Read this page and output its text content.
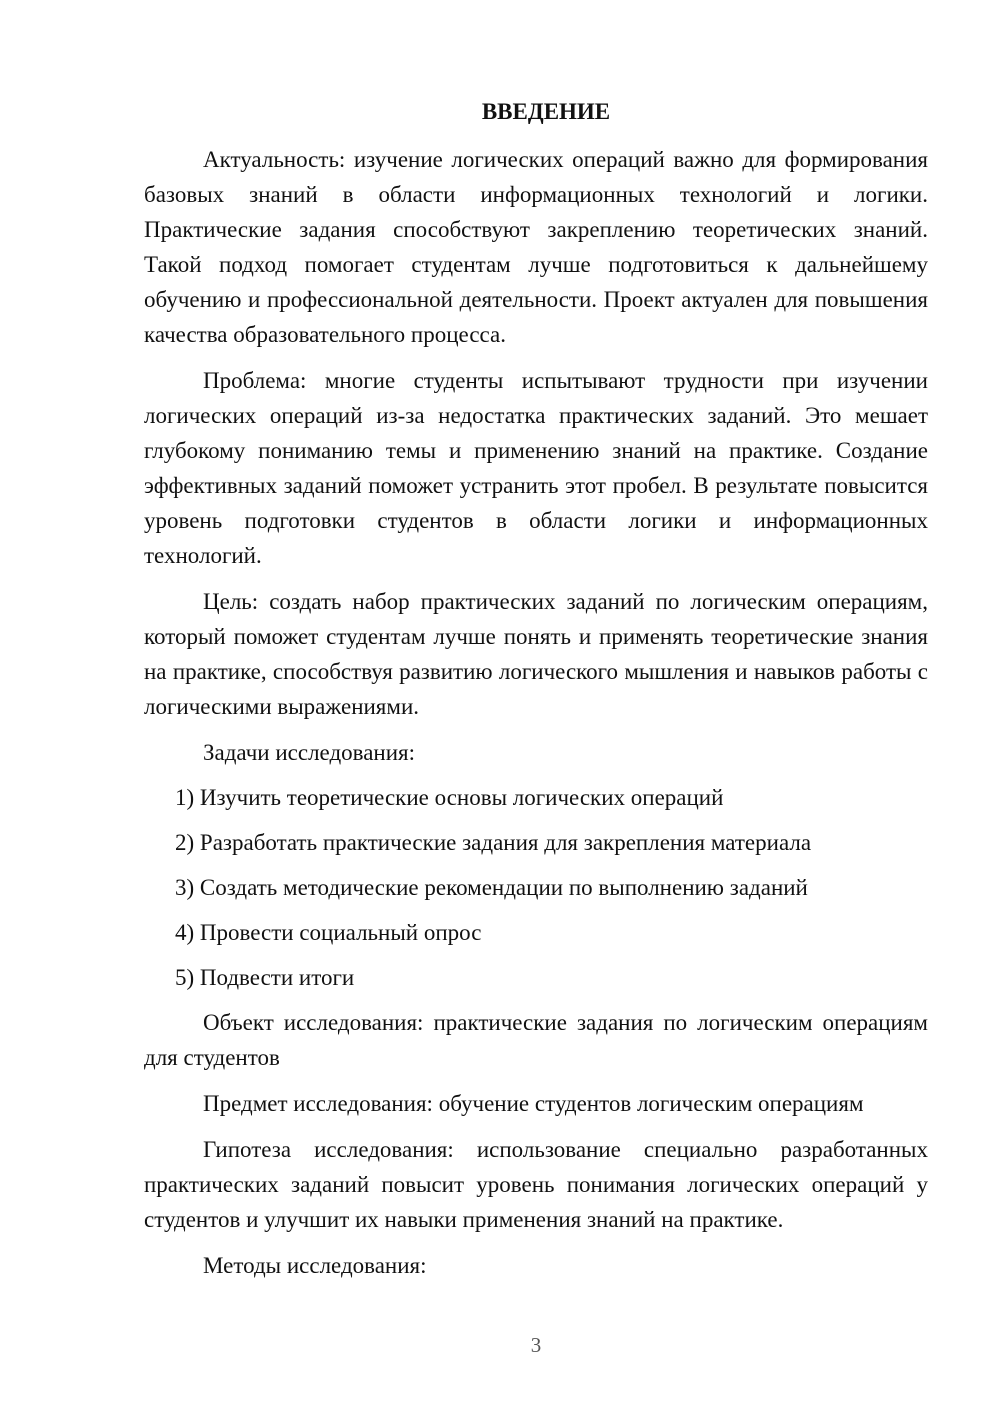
ВВЕДЕНИЕ

Актуальность: изучение логических операций важно для формирования базовых знаний в области информационных технологий и логики. Практические задания способствуют закреплению теоретических знаний. Такой подход помогает студентам лучше подготовиться к дальнейшему обучению и профессиональной деятельности. Проект актуален для повышения качества образовательного процесса.

Проблема: многие студенты испытывают трудности при изучении логических операций из-за недостатка практических заданий. Это мешает глубокому пониманию темы и применению знаний на практике. Создание эффективных заданий поможет устранить этот пробел. В результате повысится уровень подготовки студентов в области логики и информационных технологий.

Цель: создать набор практических заданий по логическим операциям, который поможет студентам лучше понять и применять теоретические знания на практике, способствуя развитию логического мышления и навыков работы с логическими выражениями.

Задачи исследования:

1) Изучить теоретические основы логических операций

2) Разработать практические задания для закрепления материала

3) Создать методические рекомендации по выполнению заданий

4) Провести социальный опрос

5) Подвести итоги

Объект исследования: практические задания по логическим операциям для студентов

Предмет исследования: обучение студентов логическим операциям

Гипотеза исследования: использование специально разработанных практических заданий повысит уровень понимания логических операций у студентов и улучшит их навыки применения знаний на практике.

Методы исследования:

3
